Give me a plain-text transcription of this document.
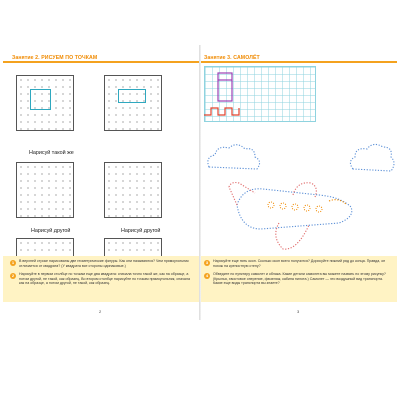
Занятие 2. РИСУЕМ ПО ТОЧКАМ
Нарисуй такой же
Нарисуй другой	Нарисуй другой
1	В верхней строке нарисованы две геометрические фигуры. Как они называются? Чем прямоугольник отличается от квадрата? (У квадрата все стороны одинаковые.)
2	Нарисуйте в первом столбце по точкам еще два квадрата: сначала точно такой же, как на образце, а потом другой, не такой, как образец. Во втором столбце нарисуйте по точкам прямоугольник, сначала как на образце, а потом другой, не такой, как образец.
2
Занятие 3. САМОЛЁТ
3	Нарисуйте еще пять окон. Сколько окон всего получится? Дорисуйте нижний ряд до конца. Правда, он похож на крепостную стену?
4	Обведите по пунктиру самолет и облака. Какие детали самолета вы можете назвать по этому рисунку? (Крылья, хвостовое оперение, фюзеляж, кабина пилота.) Самолет — это воздушный вид транспорта. Какие еще виды транспорта вы знаете?
3
